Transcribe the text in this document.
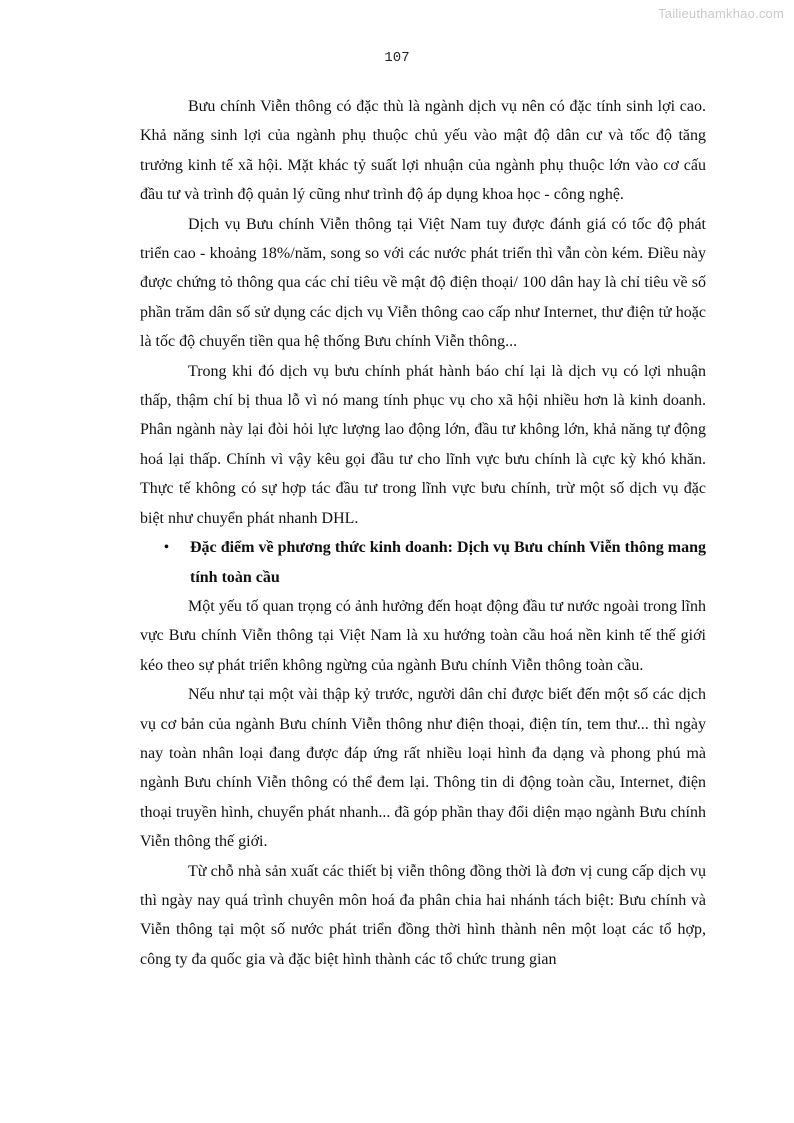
Tailieuthamkhao.com
107

Bưu chính Viễn thông có đặc thù là ngành dịch vụ nên có đặc tính sinh lợi cao. Khả năng sinh lợi của ngành phụ thuộc chủ yếu vào mật độ dân cư và tốc độ tăng trưởng kinh tế xã hội. Mặt khác tỷ suất lợi nhuận của ngành phụ thuộc lớn vào cơ cấu đầu tư và trình độ quản lý cũng như trình độ áp dụng khoa học - công nghệ.

Dịch vụ Bưu chính Viễn thông tại Việt Nam tuy được đánh giá có tốc độ phát triển cao - khoảng 18%/năm, song so với các nước phát triển thì vẫn còn kém. Điều này được chứng tỏ thông qua các chỉ tiêu về mật độ điện thoại/ 100 dân hay là chỉ tiêu về số phần trăm dân số sử dụng các dịch vụ Viễn thông cao cấp như Internet, thư điện tử hoặc là tốc độ chuyển tiền qua hệ thống Bưu chính Viễn thông...

Trong khi đó dịch vụ bưu chính phát hành báo chí lại là dịch vụ có lợi nhuận thấp, thậm chí bị thua lỗ vì nó mang tính phục vụ cho xã hội nhiều hơn là kinh doanh. Phân ngành này lại đòi hỏi lực lượng lao động lớn, đầu tư không lớn, khả năng tự động hoá lại thấp. Chính vì vậy kêu gọi đầu tư cho lĩnh vực bưu chính là cực kỳ khó khăn. Thực tế không có sự hợp tác đầu tư trong lĩnh vực bưu chính, trừ một số dịch vụ đặc biệt như chuyển phát nhanh DHL.

•	Đặc điểm về phương thức kinh doanh: Dịch vụ Bưu chính Viễn thông mang tính toàn cầu

Một yếu tố quan trọng có ảnh hưởng đến hoạt động đầu tư nước ngoài trong lĩnh vực Bưu chính Viễn thông tại Việt Nam là xu hướng toàn cầu hoá nền kinh tế thế giới kéo theo sự phát triển không ngừng của ngành Bưu chính Viễn thông toàn cầu.

Nếu như tại một vài thập kỷ trước, người dân chỉ được biết đến một số các dịch vụ cơ bản của ngành Bưu chính Viễn thông như điện thoại, điện tín, tem thư... thì ngày nay toàn nhân loại đang được đáp ứng rất nhiều loại hình đa dạng và phong phú mà ngành Bưu chính Viễn thông có thể đem lại. Thông tin di động toàn cầu, Internet, điện thoại truyền hình, chuyển phát nhanh... đã góp phần thay đổi diện mạo ngành Bưu chính Viễn thông thế giới.

Từ chỗ nhà sản xuất các thiết bị viễn thông đồng thời là đơn vị cung cấp dịch vụ thì ngày nay quá trình chuyên môn hoá đa phân chia hai nhánh tách biệt: Bưu chính và Viễn thông tại một số nước phát triển đồng thời hình thành nên một loạt các tổ hợp, công ty đa quốc gia và đặc biệt hình thành các tổ chức trung gian
